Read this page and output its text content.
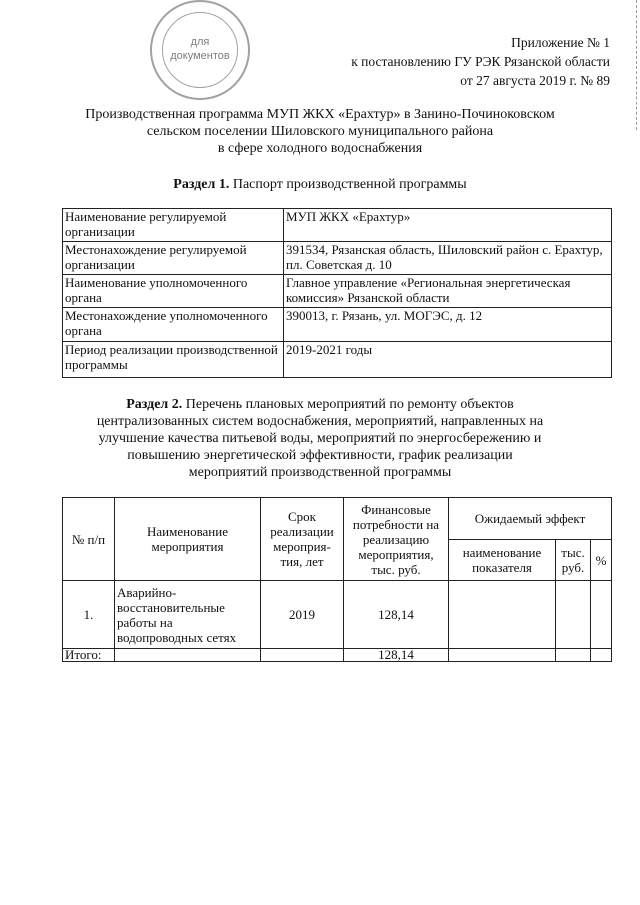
для
документов
Приложение № 1
к постановлению ГУ РЭК Рязанской области
от 27 августа 2019 г. № 89
Производственная программа МУП ЖКХ «Ерахтур» в Занино-Починоковском
сельском поселении Шиловского муниципального района
в сфере холодного водоснабжения
Раздел 1. Паспорт производственной программы
Наименование регулируемой организации	МУП ЖКХ «Ерахтур»
Местонахождение регулируемой организации	391534, Рязанская область, Шиловский район с. Ерахтур, пл. Советская д. 10
Наименование уполномоченного органа	Главное управление «Региональная энергетическая комиссия» Рязанской области
Местонахождение уполномоченного органа	390013, г. Рязань, ул. МОГЭС, д. 12
Период реализации производственной программы	2019-2021 годы
Раздел 2. Перечень плановых мероприятий по ремонту объектов
централизованных систем водоснабжения, мероприятий, направленных на
улучшение качества питьевой воды, мероприятий по энергосбережению и
повышению энергетической эффективности, график реализации
мероприятий производственной программы
№ п/п	Наименование мероприятия	Срок реализации мероприя-тия, лет	Финансовые потребности на реализацию мероприятия, тыс. руб.	Ожидаемый эффект		
				наименование показателя	тыс. руб.	%
1.	Аварийно-восстановительные работы на водопроводных сетях	2019	128,14			
Итого:			128,14			
